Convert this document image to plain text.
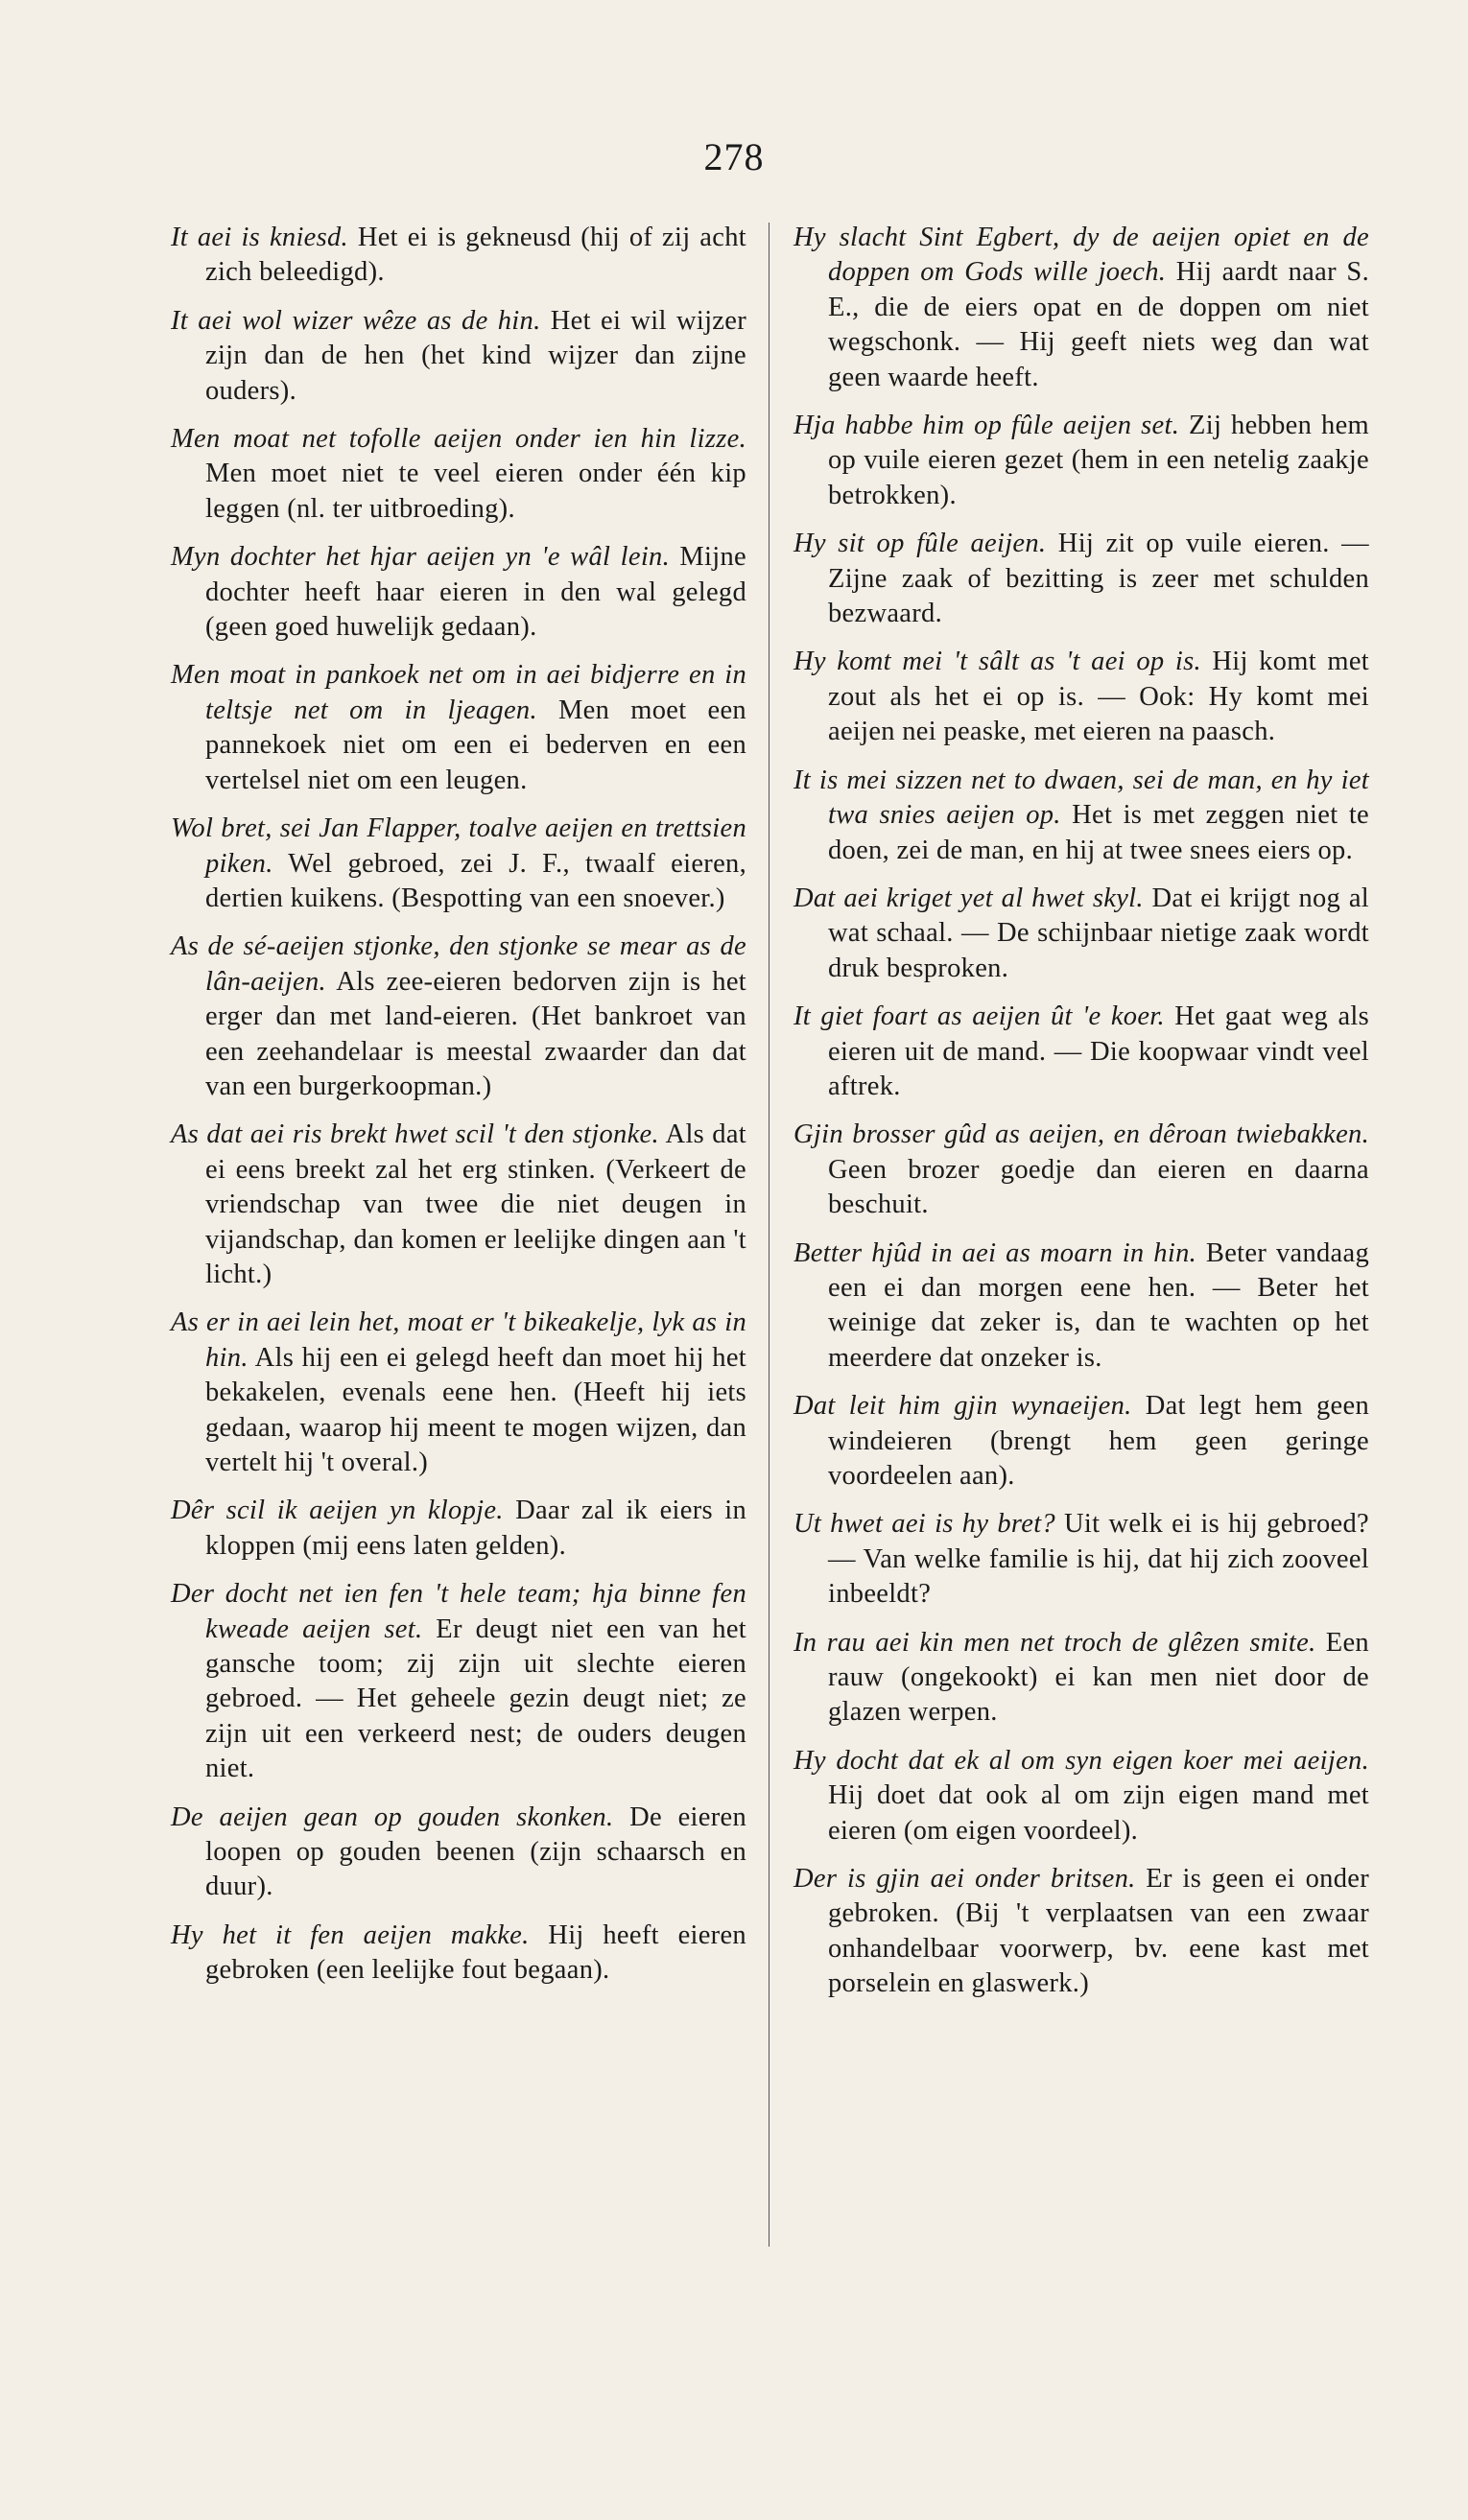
278

It aei is kniesd. Het ei is gekneusd (hij of zij acht zich beleedigd).

It aei wol wizer wêze as de hin. Het ei wil wijzer zijn dan de hen (het kind wijzer dan zijne ouders).

Men moat net tofolle aeijen onder ien hin lizze. Men moet niet te veel eieren onder één kip leggen (nl. ter uitbroeding).

Myn dochter het hjar aeijen yn 'e wâl lein. Mijne dochter heeft haar eieren in den wal gelegd (geen goed huwelijk gedaan).

Men moat in pankoek net om in aei bidjerre en in teltsje net om in ljeagen. Men moet een pannekoek niet om een ei bederven en een vertelsel niet om een leugen.

Wol bret, sei Jan Flapper, toalve aeijen en trettsien piken. Wel gebroed, zei J. F., twaalf eieren, dertien kuikens. (Bespotting van een snoever.)

As de sé-aeijen stjonke, den stjonke se mear as de lân-aeijen. Als zee-eieren bedorven zijn is het erger dan met land-eieren. (Het bankroet van een zeehandelaar is meestal zwaarder dan dat van een burgerkoopman.)

As dat aei ris brekt hwet scil 't den stjonke. Als dat ei eens breekt zal het erg stinken. (Verkeert de vriendschap van twee die niet deugen in vijandschap, dan komen er leelijke dingen aan 't licht.)

As er in aei lein het, moat er 't bikeakelje, lyk as in hin. Als hij een ei gelegd heeft dan moet hij het bekakelen, evenals eene hen. (Heeft hij iets gedaan, waarop hij meent te mogen wijzen, dan vertelt hij 't overal.)

Dêr scil ik aeijen yn klopje. Daar zal ik eiers in kloppen (mij eens laten gelden).

Der docht net ien fen 't hele team; hja binne fen kweade aeijen set. Er deugt niet een van het gansche toom; zij zijn uit slechte eieren gebroed. — Het geheele gezin deugt niet; ze zijn uit een verkeerd nest; de ouders deugen niet.

De aeijen gean op gouden skonken. De eieren loopen op gouden beenen (zijn schaarsch en duur).

Hy het it fen aeijen makke. Hij heeft eieren gebroken (een leelijke fout begaan).

Hy slacht Sint Egbert, dy de aeijen opiet en de doppen om Gods wille joech. Hij aardt naar S. E., die de eiers opat en de doppen om niet wegschonk. — Hij geeft niets weg dan wat geen waarde heeft.

Hja habbe him op fûle aeijen set. Zij hebben hem op vuile eieren gezet (hem in een netelig zaakje betrokken).

Hy sit op fûle aeijen. Hij zit op vuile eieren. — Zijne zaak of bezitting is zeer met schulden bezwaard.

Hy komt mei 't sâlt as 't aei op is. Hij komt met zout als het ei op is. — Ook: Hy komt mei aeijen nei peaske, met eieren na paasch.

It is mei sizzen net to dwaen, sei de man, en hy iet twa snies aeijen op. Het is met zeggen niet te doen, zei de man, en hij at twee snees eiers op.

Dat aei kriget yet al hwet skyl. Dat ei krijgt nog al wat schaal. — De schijnbaar nietige zaak wordt druk besproken.

It giet foart as aeijen ût 'e koer. Het gaat weg als eieren uit de mand. — Die koopwaar vindt veel aftrek.

Gjin brosser gûd as aeijen, en dêroan twiebakken. Geen brozer goedje dan eieren en daarna beschuit.

Better hjûd in aei as moarn in hin. Beter vandaag een ei dan morgen eene hen. — Beter het weinige dat zeker is, dan te wachten op het meerdere dat onzeker is.

Dat leit him gjin wynaeijen. Dat legt hem geen windeieren (brengt hem geen geringe voordeelen aan).

Ut hwet aei is hy bret? Uit welk ei is hij gebroed? — Van welke familie is hij, dat hij zich zooveel inbeeldt?

In rau aei kin men net troch de glêzen smite. Een rauw (ongekookt) ei kan men niet door de glazen werpen.

Hy docht dat ek al om syn eigen koer mei aeijen. Hij doet dat ook al om zijn eigen mand met eieren (om eigen voordeel).

Der is gjin aei onder britsen. Er is geen ei onder gebroken. (Bij 't verplaatsen van een zwaar onhandelbaar voorwerp, bv. eene kast met porselein en glaswerk.)
